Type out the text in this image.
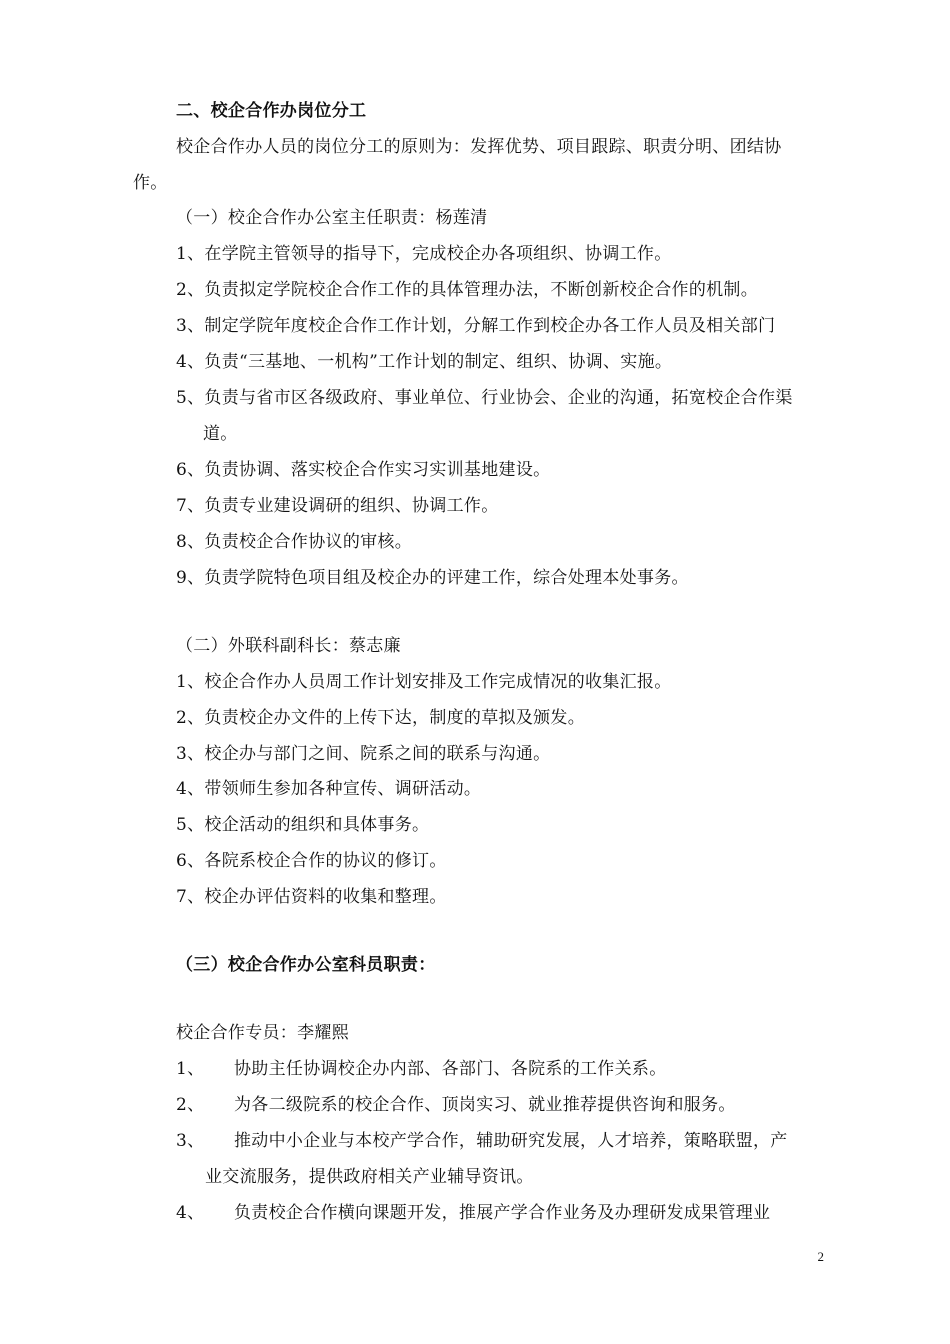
二、校企合作办岗位分工
校企合作办人员的岗位分工的原则为：发挥优势、项目跟踪、职责分明、团结协
作。
（一）校企合作办公室主任职责：杨莲清
1、在学院主管领导的指导下，完成校企办各项组织、协调工作。
2、负责拟定学院校企合作工作的具体管理办法，不断创新校企合作的机制。
3、制定学院年度校企合作工作计划，分解工作到校企办各工作人员及相关部门
4、负责“三基地、一机构”工作计划的制定、组织、协调、实施。
5、负责与省市区各级政府、事业单位、行业协会、企业的沟通，拓宽校企合作渠
道。
6、负责协调、落实校企合作实习实训基地建设。
7、负责专业建设调研的组织、协调工作。
8、负责校企合作协议的审核。
9、负责学院特色项目组及校企办的评建工作，综合处理本处事务。
（二）外联科副科长：蔡志廉
1、校企合作办人员周工作计划安排及工作完成情况的收集汇报。
2、负责校企办文件的上传下达，制度的草拟及颁发。
3、校企办与部门之间、院系之间的联系与沟通。
4、带领师生参加各种宣传、调研活动。
5、校企活动的组织和具体事务。
6、各院系校企合作的协议的修订。
7、校企办评估资料的收集和整理。
（三）校企合作办公室科员职责：
校企合作专员：李耀熙
1、 协助主任协调校企办内部、各部门、各院系的工作关系。
2、 为各二级院系的校企合作、顶岗实习、就业推荐提供咨询和服务。
3、 推动中小企业与本校产学合作，辅助研究发展，人才培养，策略联盟，产
业交流服务，提供政府相关产业辅导资讯。
4、 负责校企合作横向课题开发，推展产学合作业务及办理研发成果管理业
2
